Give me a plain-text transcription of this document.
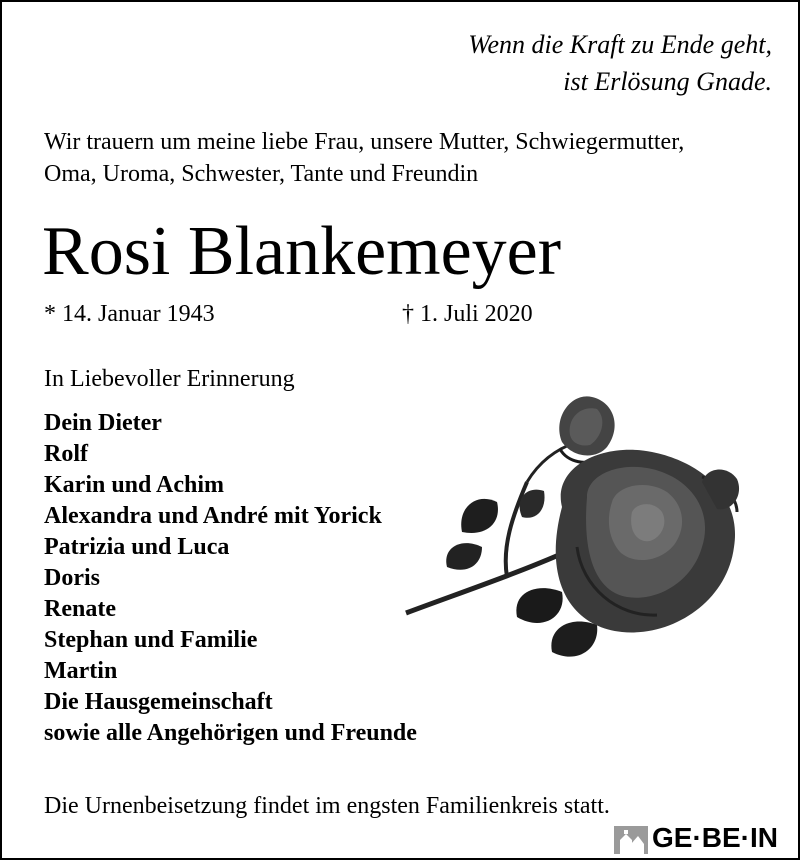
Wenn die Kraft zu Ende geht,
ist Erlösung Gnade.
Wir trauern um meine liebe Frau, unsere Mutter, Schwiegermutter,
Oma, Uroma, Schwester, Tante und Freundin
Rosi Blankemeyer
* 14. Januar 1943	† 1. Juli 2020
In Liebevoller Erinnerung
Dein Dieter
Rolf
Karin und Achim
Alexandra und André mit Yorick
Patrizia und Luca
Doris
Renate
Stephan und Familie
Martin
Die Hausgemeinschaft
sowie alle Angehörigen und Freunde
Die Urnenbeisetzung findet im engsten Familienkreis statt.
GE·BE·IN
